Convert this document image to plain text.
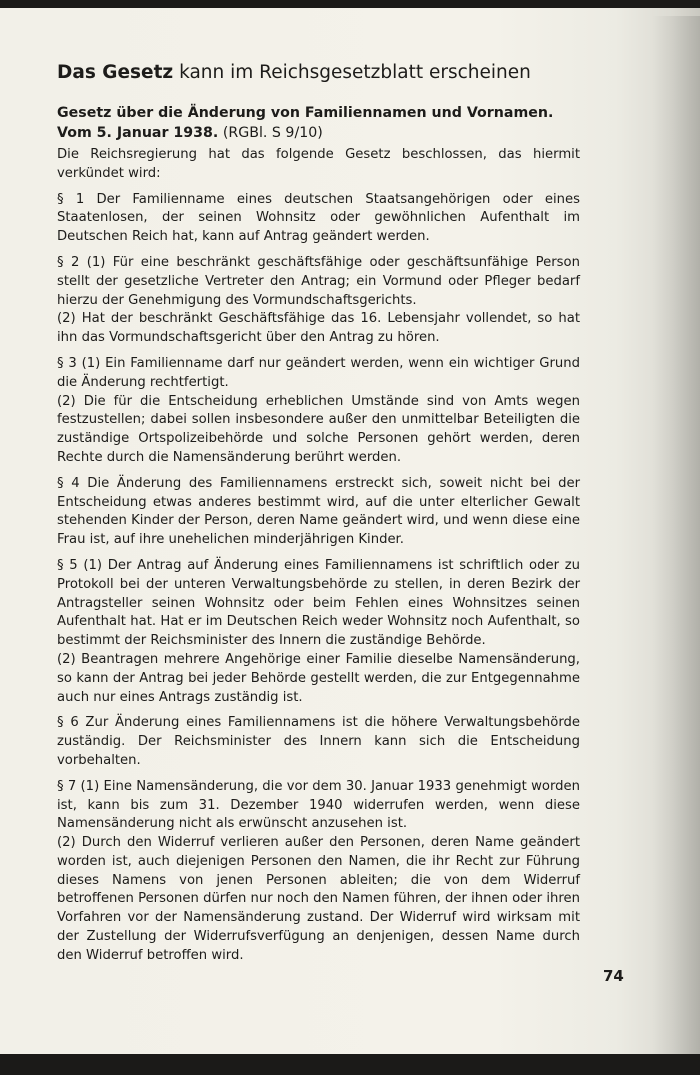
Das Gesetz kann im Reichsgesetzblatt erscheinen
Gesetz über die Änderung von Familiennamen und Vornamen.
Vom 5. Januar 1938. (RGBl. S 9/10)

Die Reichsregierung hat das folgende Gesetz beschlossen, das hiermit verkündet wird:

§ 1 Der Familienname eines deutschen Staatsangehörigen oder eines Staatenlosen, der seinen Wohnsitz oder gewöhnlichen Aufenthalt im Deutschen Reich hat, kann auf Antrag geändert werden.

§ 2 (1) Für eine beschränkt geschäftsfähige oder geschäftsunfähige Person stellt der gesetzliche Vertreter den Antrag; ein Vormund oder Pfleger bedarf hierzu der Genehmigung des Vormundschaftsgerichts.
(2) Hat der beschränkt Geschäftsfähige das 16. Lebensjahr vollendet, so hat ihn das Vormundschaftsgericht über den Antrag zu hören.

§ 3 (1) Ein Familienname darf nur geändert werden, wenn ein wichtiger Grund die Änderung rechtfertigt.
(2) Die für die Entscheidung erheblichen Umstände sind von Amts wegen festzustellen; dabei sollen insbesondere außer den unmittelbar Beteiligten die zuständige Ortspolizeibehörde und solche Personen gehört werden, deren Rechte durch die Namensänderung berührt werden.

§ 4 Die Änderung des Familiennamens erstreckt sich, soweit nicht bei der Entscheidung etwas anderes bestimmt wird, auf die unter elterlicher Gewalt stehenden Kinder der Person, deren Name geändert wird, und wenn diese eine Frau ist, auf ihre unehelichen minderjährigen Kinder.

§ 5 (1) Der Antrag auf Änderung eines Familiennamens ist schriftlich oder zu Protokoll bei der unteren Verwaltungsbehörde zu stellen, in deren Bezirk der Antragsteller seinen Wohnsitz oder beim Fehlen eines Wohnsitzes seinen Aufenthalt hat. Hat er im Deutschen Reich weder Wohnsitz noch Aufenthalt, so bestimmt der Reichsminister des Innern die zuständige Behörde.
(2) Beantragen mehrere Angehörige einer Familie dieselbe Namensänderung, so kann der Antrag bei jeder Behörde gestellt werden, die zur Entgegennahme auch nur eines Antrags zuständig ist.

§ 6 Zur Änderung eines Familiennamens ist die höhere Verwaltungsbehörde zuständig. Der Reichsminister des Innern kann sich die Entscheidung vorbehalten.

§ 7 (1) Eine Namensänderung, die vor dem 30. Januar 1933 genehmigt worden ist, kann bis zum 31. Dezember 1940 widerrufen werden, wenn diese Namensänderung nicht als erwünscht anzusehen ist.
(2) Durch den Widerruf verlieren außer den Personen, deren Name geändert worden ist, auch diejenigen Personen den Namen, die ihr Recht zur Führung dieses Namens von jenen Personen ableiten; die von dem Widerruf betroffenen Personen dürfen nur noch den Namen führen, der ihnen oder ihren Vorfahren vor der Namensänderung zustand. Der Widerruf wird wirksam mit der Zustellung der Widerrufsverfügung an denjenigen, dessen Name durch den Widerruf betroffen wird.

74
